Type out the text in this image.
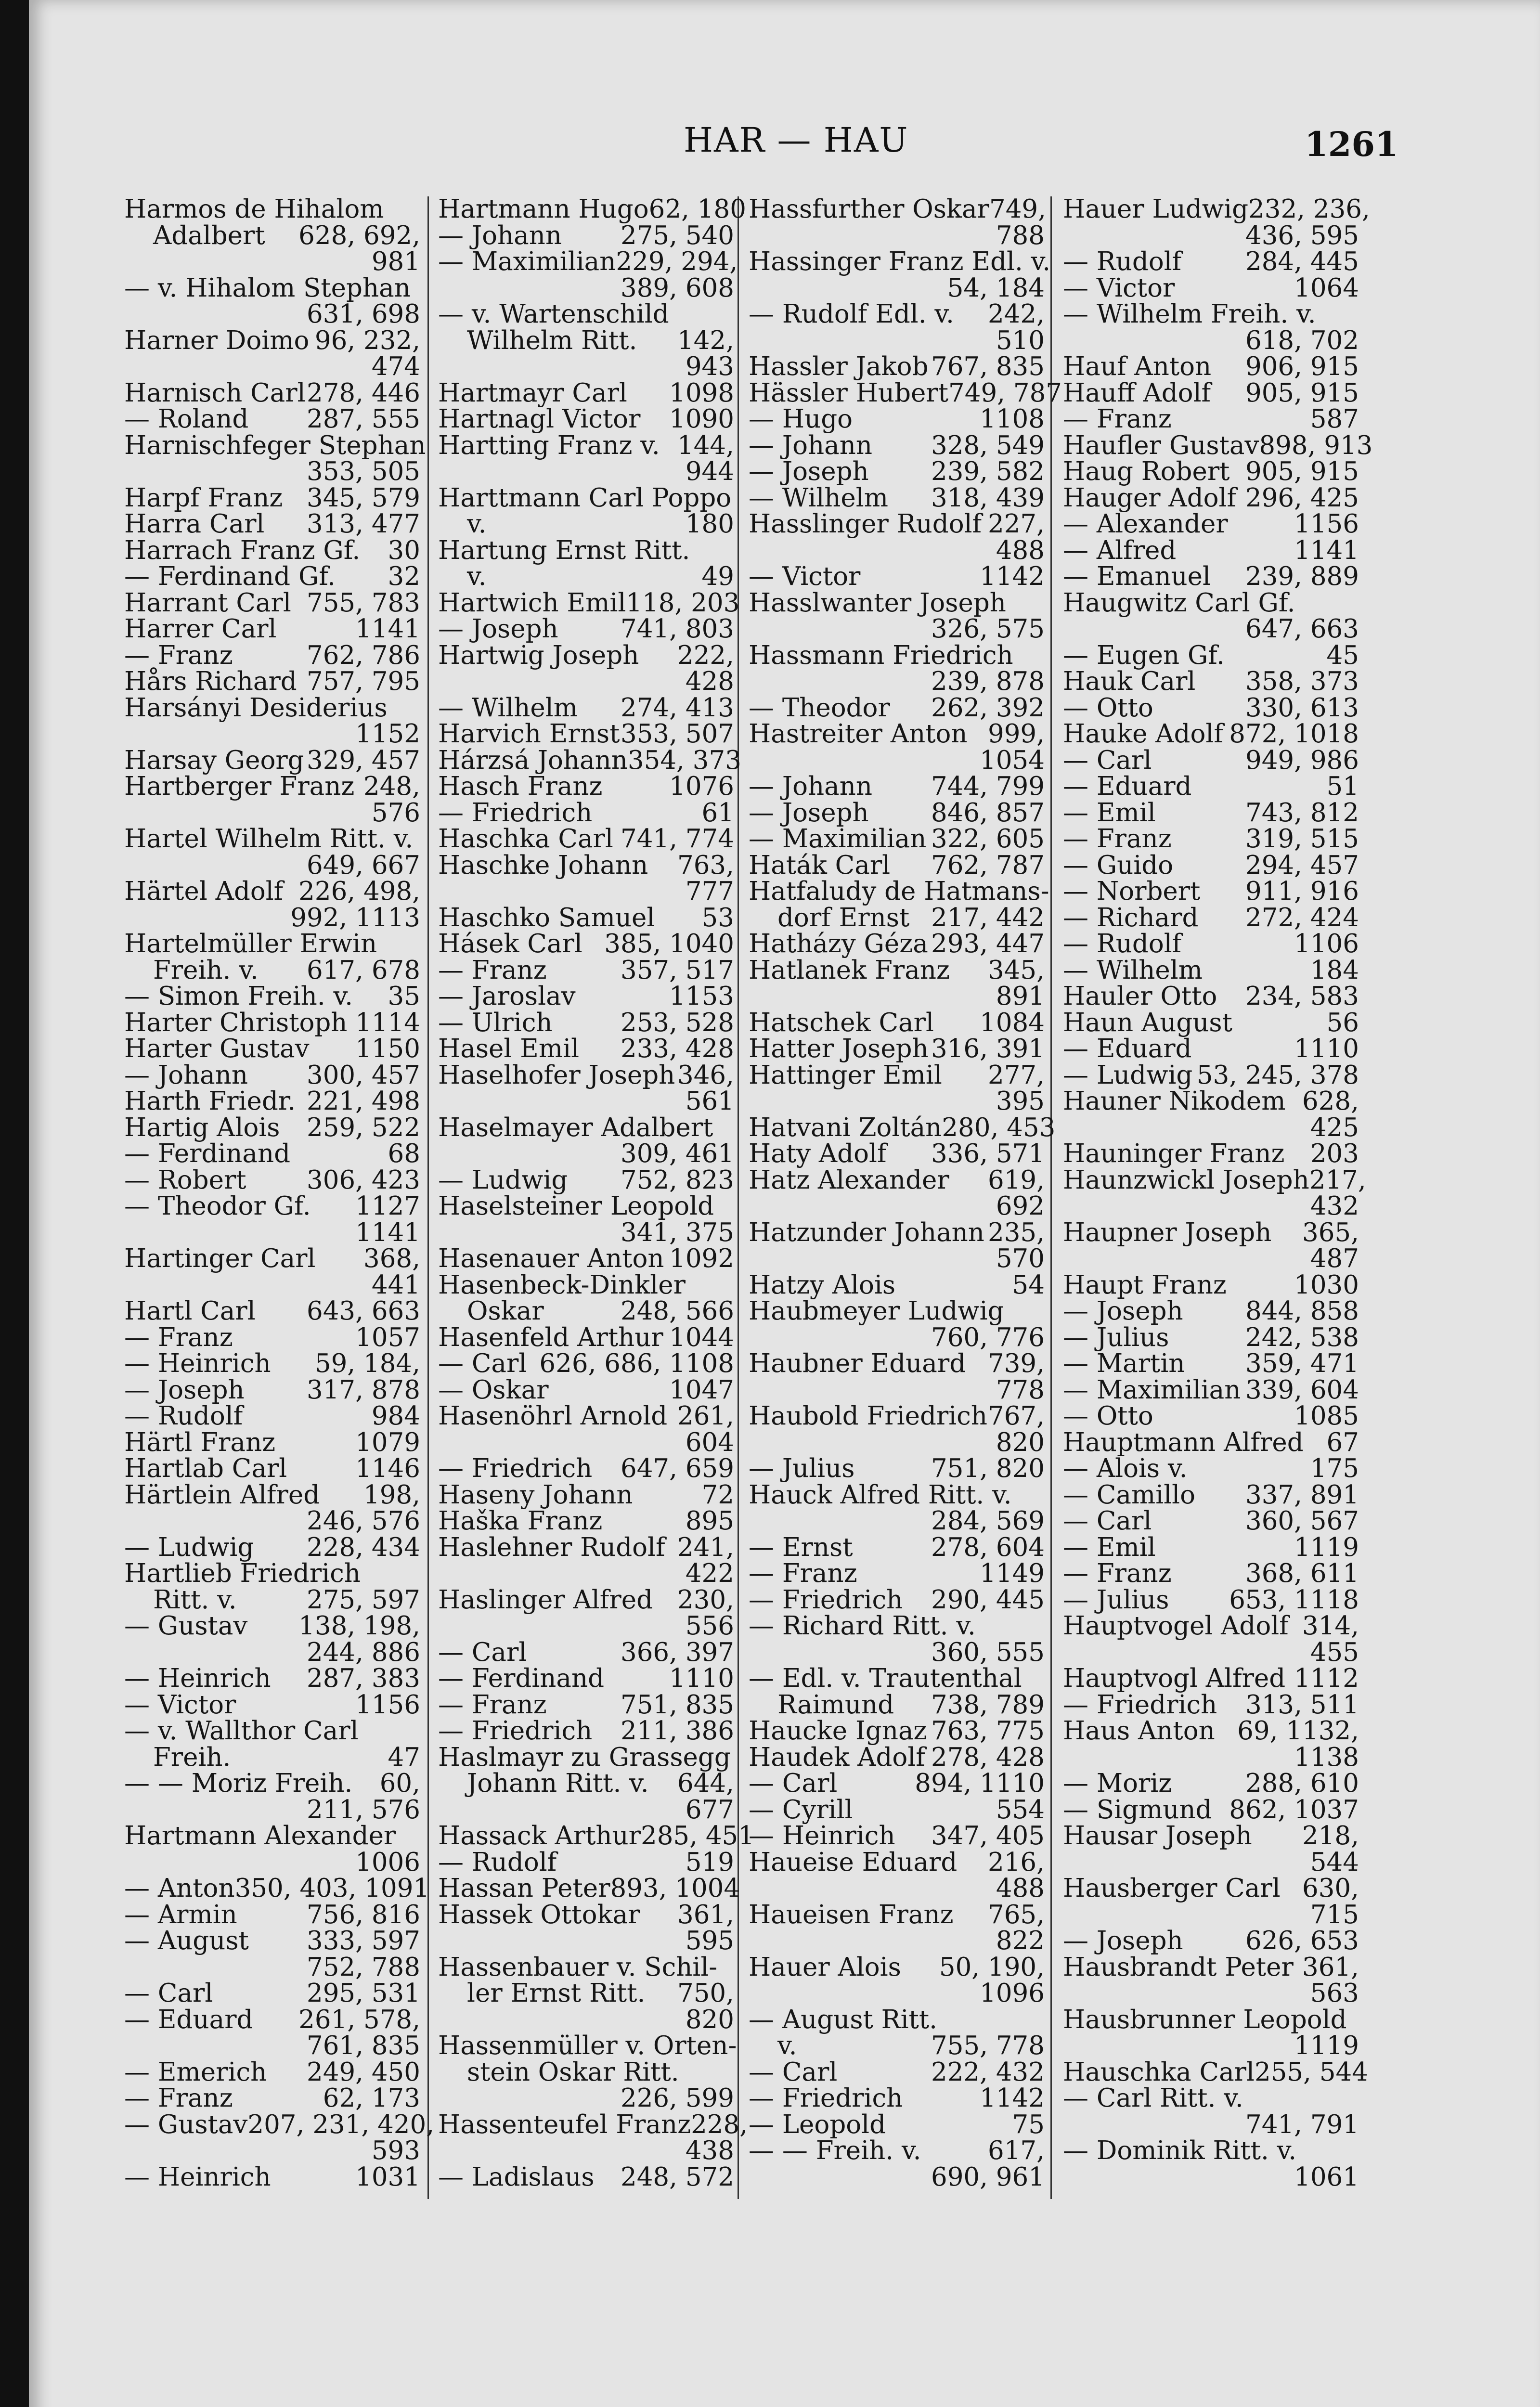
HAR — HAU	1261
Harmos de Hihalom
Adalbert	628, 692,
981
— v. Hihalom Stephan
631, 698
Harner Doimo 96, 232,
474
Harnisch Carl 278, 446
— Roland	287, 555
Harnischfeger Stephan
353, 505
Harpf Franz 345, 579
Harra Carl	313, 477
Harrach Franz Gf.	30
— Ferdinand Gf.	32
Harrant Carl 755, 783
Harrer Carl	1141
— Franz	762, 786
Hårs Richard 757, 795
Harsányi Desiderius
1152
Harsay Georg 329, 457
Hartberger Franz 248,
576
Hartel Wilhelm Ritt. v.
649, 667
Härtel Adolf 226, 498,
992, 1113
Hartelmüller Erwin
Freih. v.	617, 678
— Simon Freih. v.	35
Harter Christoph 1114
Harter Gustav	1150
— Johann	300, 457
Harth Friedr. 221, 498
Hartig Alois	259, 522
— Ferdinand	68
— Robert	306, 423
— Theodor Gf.	1127
1141
Hartinger Carl	368,
441
Hartl Carl	643, 663
— Franz	1057
— Heinrich	59, 184,
— Joseph	317, 878
— Rudolf	984
Härtl Franz	1079
Hartlab Carl	1146
Härtlein Alfred	198,
246, 576
— Ludwig	228, 434
Hartlieb Friedrich
Ritt. v.	275, 597
— Gustav	138, 198,
244, 886
— Heinrich	287, 383
— Victor	1156
— v. Wallthor Carl
Freih.	47
— — Moriz Freih.	60,
211, 576
Hartmann Alexander
1006
— Anton 350, 403, 1091
— Armin	756, 816
— August	333, 597
752, 788
— Carl	295, 531
— Eduard	261, 578,
761, 835
— Emerich	249, 450
— Franz	62, 173
— Gustav 207, 231, 420,
593
— Heinrich	1031
Hartmann Hugo 62, 180
— Johann	275, 540
— Maximilian 229, 294,
389, 608
— v. Wartenschild
Wilhelm Ritt.	142,
943
Hartmayr Carl	1098
Hartnagl Victor	1090
Hartting Franz v. 144,
944
Harttmann Carl Poppo
v.	180
Hartung Ernst Ritt.
v.	49
Hartwich Emil 118, 203
— Joseph	741, 803
Hartwig Joseph	222,
428
— Wilhelm	274, 413
Harvich Ernst 353, 507
Hárzsá Johann 354, 373
Hasch Franz	1076
— Friedrich	61
Haschka Carl 741, 774
Haschke Johann	763,
777
Haschko Samuel	53
Hásek Carl 385, 1040
— Franz	357, 517
— Jaroslav	1153
— Ulrich	253, 528
Hasel Emil	233, 428
Haselhofer Joseph 346,
561
Haselmayer Adalbert
309, 461
— Ludwig	752, 823
Haselsteiner Leopold
341, 375
Hasenauer Anton 1092
Hasenbeck-Dinkler
Oskar	248, 566
Hasenfeld Arthur 1044
— Carl 626, 686, 1108
— Oskar	1047
Hasenöhrl Arnold 261,
604
— Friedrich	647, 659
Haseny Johann	72
Haška Franz	895
Haslehner Rudolf 241,
422
Haslinger Alfred 230,
556
— Carl	366, 397
— Ferdinand	1110
— Franz	751, 835
— Friedrich	211, 386
Haslmayr zu Grassegg
Johann Ritt. v.	644,
677
Hassack Arthur 285, 451
— Rudolf	519
Hassan Peter 893, 1004
Hassek Ottokar	361,
595
Hassenbauer v. Schil-
ler Ernst Ritt.	750,
820
Hassenmüller v. Orten-
stein Oskar Ritt.
226, 599
Hassenteufel Franz 228,
438
— Ladislaus	248, 572
Hassfurther Oskar 749,
788
Hassinger Franz Edl. v.
54, 184
— Rudolf Edl. v.	242,
510
Hassler Jakob 767, 835
Hässler Hubert 749, 787
— Hugo	1108
— Johann	328, 549
— Joseph	239, 582
— Wilhelm	318, 439
Hasslinger Rudolf 227,
488
— Victor	1142
Hasslwanter Joseph
326, 575
Hassmann Friedrich
239, 878
— Theodor	262, 392
Hastreiter Anton 999,
1054
— Johann	744, 799
— Joseph	846, 857
— Maximilian 322, 605
Haták Carl	762, 787
Hatfaludy de Hatmans-
dorf Ernst 217, 442
Hatházy Géza 293, 447
Hatlanek Franz	345,
891
Hatschek Carl	1084
Hatter Joseph 316, 391
Hattinger Emil	277,
395
Hatvani Zoltán 280, 453
Haty Adolf	336, 571
Hatz Alexander	619,
692
Hatzunder Johann 235,
570
Hatzy Alois	54
Haubmeyer Ludwig
760, 776
Haubner Eduard 739,
778
Haubold Friedrich 767,
820
— Julius	751, 820
Hauck Alfred Ritt. v.
284, 569
— Ernst	278, 604
— Franz	1149
— Friedrich	290, 445
— Richard Ritt. v.
360, 555
— Edl. v. Trautenthal
Raimund	738, 789
Haucke Ignaz 763, 775
Haudek Adolf 278, 428
— Carl	894, 1110
— Cyrill	554
— Heinrich	347, 405
Haueise Eduard	216,
488
Haueisen Franz	765,
822
Hauer Alois	50, 190,
1096
— August Ritt.
v.	755, 778
— Carl	222, 432
— Friedrich	1142
— Leopold	75
— — Freih. v.	617,
690, 961
Hauer Ludwig 232, 236,
436, 595
— Rudolf	284, 445
— Victor	1064
— Wilhelm Freih. v.
618, 702
Hauf Anton	906, 915
Hauff Adolf	905, 915
— Franz	587
Haufler Gustav 898, 913
Haug Robert 905, 915
Hauger Adolf 296, 425
— Alexander	1156
— Alfred	1141
— Emanuel	239, 889
Haugwitz Carl Gf.
647, 663
— Eugen Gf.	45
Hauk Carl	358, 373
— Otto	330, 613
Hauke Adolf 872, 1018
— Carl	949, 986
— Eduard	51
— Emil	743, 812
— Franz	319, 515
— Guido	294, 457
— Norbert	911, 916
— Richard	272, 424
— Rudolf	1106
— Wilhelm	184
Hauler Otto	234, 583
Haun August	56
— Eduard	1110
— Ludwig 53, 245, 378
Hauner Nikodem 628,
425
Hauninger Franz	203
Haunzwickl Joseph 217,
432
Haupner Joseph	365,
487
Haupt Franz	1030
— Joseph	844, 858
— Julius	242, 538
— Martin	359, 471
— Maximilian 339, 604
— Otto	1085
Hauptmann Alfred 67
— Alois v.	175
— Camillo	337, 891
— Carl	360, 567
— Emil	1119
— Franz	368, 611
— Julius	653, 1118
Hauptvogel Adolf 314,
455
Hauptvogl Alfred 1112
— Friedrich	313, 511
Haus Anton 69, 1132,
1138
— Moriz	288, 610
— Sigmund 862, 1037
Hausar Joseph	218,
544
Hausberger Carl 630,
715
— Joseph	626, 653
Hausbrandt Peter 361,
563
Hausbrunner Leopold
1119
Hauschka Carl 255, 544
— Carl Ritt. v.
741, 791
— Dominik Ritt. v.
1061
